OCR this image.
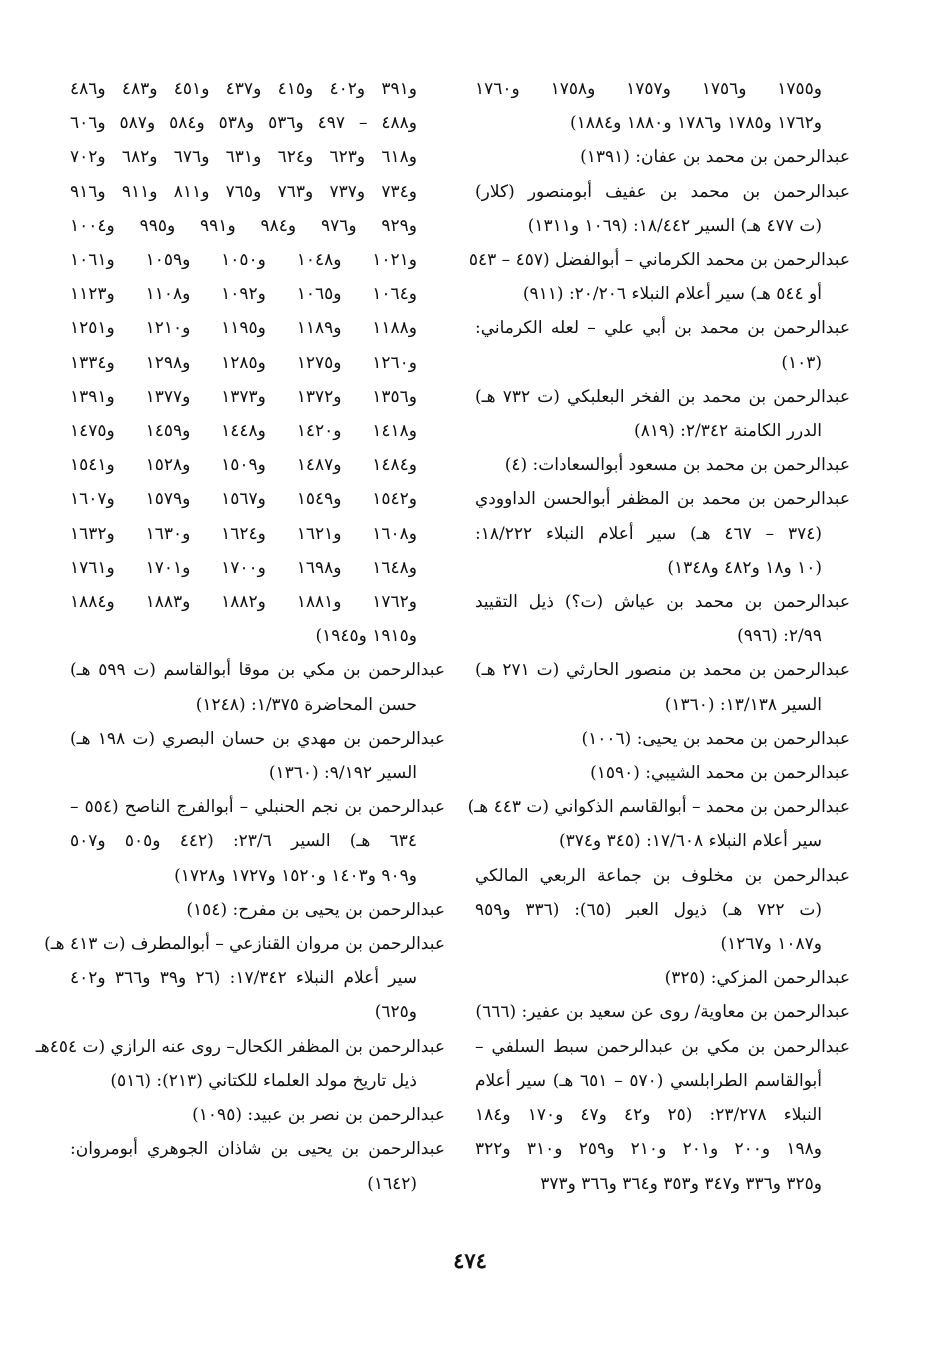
و١٧٥٥ و١٧٥٦ و١٧٥٧ و١٧٥٨ و١٧٦٠
و١٧٦٢ و١٧٨٥ و١٧٨٦ و١٨٨٠ و١٨٨٤)
عبدالرحمن بن محمد بن عفان: (١٣٩١)
عبدالرحمن بن محمد بن عفيف أبومنصور (كلار)
(ت ٤٧٧ هـ) السير ١٨/٤٤٢: (١٠٦٩ و١٣١١)
عبدالرحمن بن محمد الكرماني – أبوالفضل (٤٥٧ – ٥٤٣
أو ٥٤٤ هـ) سير أعلام النبلاء ٢٠/٢٠٦: (٩١١)
عبدالرحمن بن محمد بن أبي علي – لعله الكرماني:
(١٠٣)
عبدالرحمن بن محمد بن الفخر البعلبكي (ت ٧٣٢ هـ)
الدرر الكامنة ٢/٣٤٢: (٨١٩)
عبدالرحمن بن محمد بن مسعود أبوالسعادات: (٤)
عبدالرحمن بن محمد بن المظفر أبوالحسن الداوودي
(٣٧٤ – ٤٦٧ هـ) سير أعلام النبلاء ١٨/٢٢٢:
(١٠ و١٨ و٤٨٢ و١٣٤٨)
عبدالرحمن بن محمد بن عياش (ت؟) ذيل التقييد
٢/٩٩: (٩٩٦)
عبدالرحمن بن محمد بن منصور الحارثي (ت ٢٧١ هـ)
السير ١٣/١٣٨: (١٣٦٠)
عبدالرحمن بن محمد بن يحيى: (١٠٠٦)
عبدالرحمن بن محمد الشيبي: (١٥٩٠)
عبدالرحمن بن محمد – أبوالقاسم الذكواني (ت ٤٤٣ هـ)
سير أعلام النبلاء ١٧/٦٠٨: (٣٤٥ و٣٧٤)
عبدالرحمن بن مخلوف بن جماعة الربعي المالكي
(ت ٧٢٢ هـ) ذيول العبر (٦٥): (٣٣٦ و٩٥٩
و١٠٨٧ و١٢٦٧)
عبدالرحمن المزكي: (٣٢٥)
عبدالرحمن بن معاوية/ روى عن سعيد بن عفير: (٦٦٦)
عبدالرحمن بن مكي بن عبدالرحمن سبط السلفي –
أبوالقاسم الطرابلسي (٥٧٠ – ٦٥١ هـ) سير أعلام
النبلاء ٢٣/٢٧٨: (٢٥ و٤٢ و٤٧ و١٧٠ و١٨٤
و١٩٨ و٢٠٠ و٢٠١ و٢١٠ و٢٥٩ و٣١٠ و٣٢٢
و٣٢٥ و٣٣٦ و٣٤٧ و٣٥٣ و٣٦٤ و٣٦٦ و٣٧٣
و٣٩١ و٤٠٢ و٤١٥ و٤٣٧ و٤٥١ و٤٨٣ و٤٨٦
و٤٨٨ – ٤٩٧ و٥٣٦ و٥٣٨ و٥٨٤ و٥٨٧ و٦٠٦
و٦١٨ و٦٢٣ و٦٢٤ و٦٣١ و٦٧٦ و٦٨٢ و٧٠٢
و٧٣٤ و٧٣٧ و٧٦٣ و٧٦٥ و٨١١ و٩١١ و٩١٦
و٩٢٩ و٩٧٦ و٩٨٤ و٩٩١ و٩٩٥ و١٠٠٤
و١٠٢١ و١٠٤٨ و١٠٥٠ و١٠٥٩ و١٠٦١
و١٠٦٤ و١٠٦٥ و١٠٩٢ و١١٠٨ و١١٢٣
و١١٨٨ و١١٨٩ و١١٩٥ و١٢١٠ و١٢٥١
و١٢٦٠ و١٢٧٥ و١٢٨٥ و١٢٩٨ و١٣٣٤
و١٣٥٦ و١٣٧٢ و١٣٧٣ و١٣٧٧ و١٣٩١
و١٤١٨ و١٤٢٠ و١٤٤٨ و١٤٥٩ و١٤٧٥
و١٤٨٤ و١٤٨٧ و١٥٠٩ و١٥٢٨ و١٥٤١
و١٥٤٢ و١٥٤٩ و١٥٦٧ و١٥٧٩ و١٦٠٧
و١٦٠٨ و١٦٢١ و١٦٢٤ و١٦٣٠ و١٦٣٢
و١٦٤٨ و١٦٩٨ و١٧٠٠ و١٧٠١ و١٧٦١
و١٧٦٢ و١٨٨١ و١٨٨٢ و١٨٨٣ و١٨٨٤
و١٩١٥ و١٩٤٥)
عبدالرحمن بن مكي بن موقا أبوالقاسم (ت ٥٩٩ هـ)
حسن المحاضرة ١/٣٧٥: (١٢٤٨)
عبدالرحمن بن مهدي بن حسان البصري (ت ١٩٨ هـ)
السير ٩/١٩٢: (١٣٦٠)
عبدالرحمن بن نجم الحنبلي – أبوالفرج الناصح (٥٥٤ –
٦٣٤ هـ) السير ٢٣/٦: (٤٤٢ و٥٠٥ و٥٠٧
و٩٠٩ و١٤٠٣ و١٥٢٠ و١٧٢٧ و١٧٢٨)
عبدالرحمن بن يحيى بن مفرح: (١٥٤)
عبدالرحمن بن مروان القنازعي – أبوالمطرف (ت ٤١٣ هـ)
سير أعلام النبلاء ١٧/٣٤٢: (٢٦ و٣٩ و٣٦٦ و٤٠٢
و٦٢٥)
عبدالرحمن بن المظفر الكحال– روى عنه الرازي (ت ٤٥٤هـ
ذيل تاريخ مولد العلماء للكتاني (٢١٣): (٥١٦)
عبدالرحمن بن نصر بن عبيد: (١٠٩٥)
عبدالرحمن بن يحيى بن شاذان الجوهري أبومروان:
(١٦٤٢)
٤٧٤
